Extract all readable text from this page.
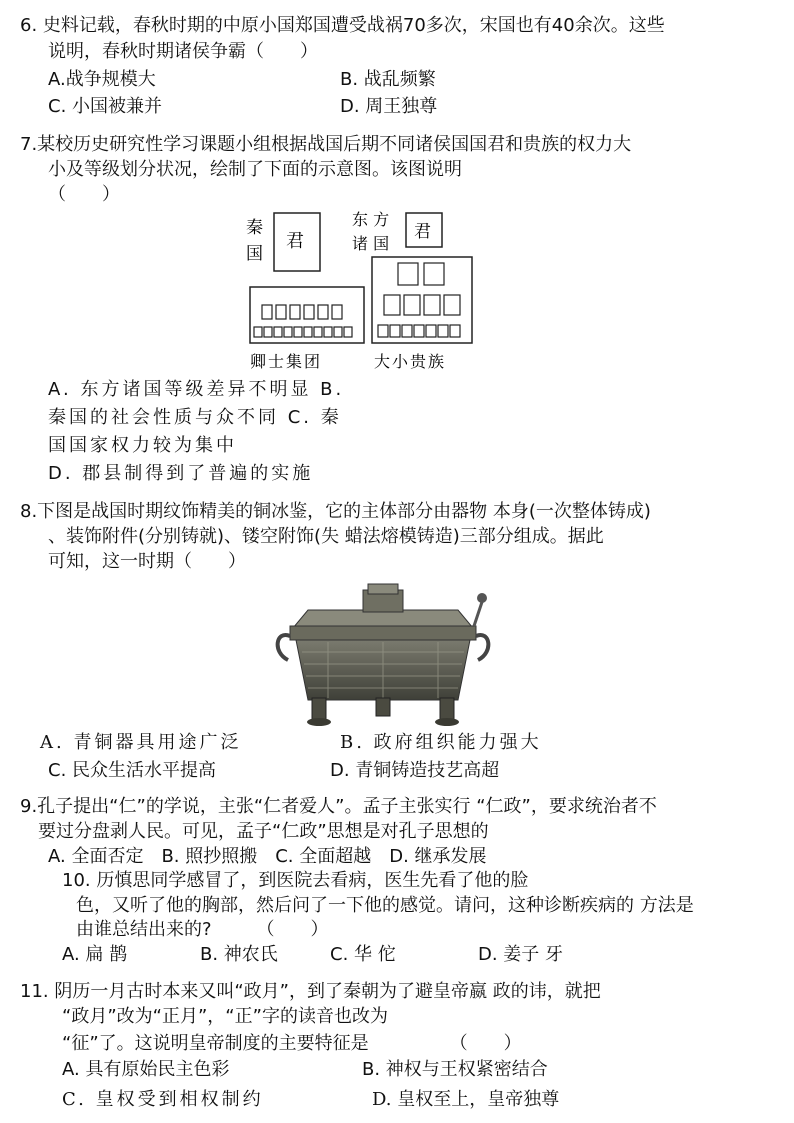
6. 史料记载，春秋时期的中原小国郑国遭受战祸70多次，宋国也有40余次。这些
说明，春秋时期诸侯争霸（　　）
A.战争规模大	B. 战乱频繁
C. 小国被兼并	D. 周王独尊
7.某校历史研究性学习课题小组根据战国后期不同诸侯国国君和贵族的权力大
小及等级划分状况，绘制了下面的示意图。该图说明
（　　）
秦
国
君
东 方
诸 国
君
卿士集团	大小贵族
A. 东方诸国等级差异不明显 B.
秦国的社会性质与众不同 C. 秦
国国家权力较为集中
D. 郡县制得到了普遍的实施
8.下图是战国时期纹饰精美的铜冰鉴，它的主体部分由器物 本身(一次整体铸成)
、装饰附件(分别铸就)、镂空附饰(失 蜡法熔模铸造)三部分组成。据此
可知，这一时期（　　）
A. 青铜器具用途广泛	B. 政府组织能力强大
C. 民众生活水平提高	D. 青铜铸造技艺高超
9.孔子提出“仁”的学说，主张“仁者爱人”。孟子主张实行 “仁政”，要求统治者不
要过分盘剥人民。可见，孟子“仁政”思想是对孔子思想的
A. 全面否定　B. 照抄照搬　C. 全面超越　D. 继承发展
10. 历慎思同学感冒了，到医院去看病，医生先看了他的脸
色，又听了他的胸部，然后问了一下他的感觉。请问，这种诊断疾病的 方法是
由谁总结出来的?　　　（　　）
A. 扁 鹊	B. 神农氏	C. 华 佗	D. 姜子 牙
11. 阴历一月古时本来又叫“政月”，到了秦朝为了避皇帝嬴 政的讳，就把
“政月”改为“正月”，“正”字的读音也改为
“征”了。这说明皇帝制度的主要特征是　　　　　（　　）
A. 具有原始民主色彩	B. 神权与王权紧密结合
C. 皇权受到相权制约	D. 皇权至上，皇帝独尊
